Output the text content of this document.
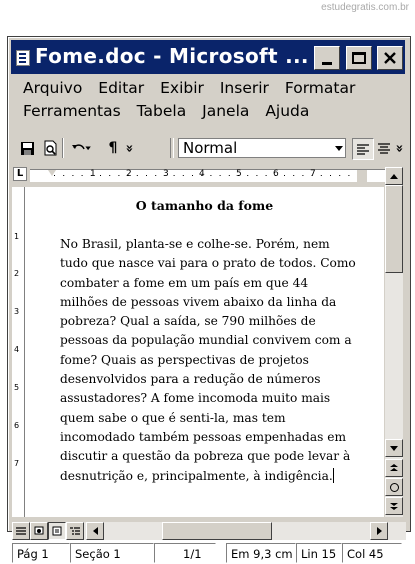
estudegratis.com.br
Fome.doc - Microsoft ...
Arquivo Editar Exibir Inserir Formatar
Ferramentas Tabela Janela Ajuda
¶ »	Normal	»
L	1	2	3	4	5	6	7
1
2
3
4
5
6
7
O tamanho da fome
No Brasil, planta-se e colhe-se. Porém, nem
tudo que nasce vai para o prato de todos. Como
combater a fome em um país em que 44
milhões de pessoas vivem abaixo da linha da
pobreza? Qual a saída, se 790 milhões de
pessoas da população mundial convivem com a
fome? Quais as perspectivas de projetos
desenvolvidos para a redução de números
assustadores? A fome incomoda muito mais
quem sabe o que é senti-la, mas tem
incomodado também pessoas empenhadas em
discutir a questão da pobreza que pode levar à
desnutrição e, principalmente, à indigência.
Pág 1	Seção 1	1/1	Em 9,3 cm Lin 15 Col 45
